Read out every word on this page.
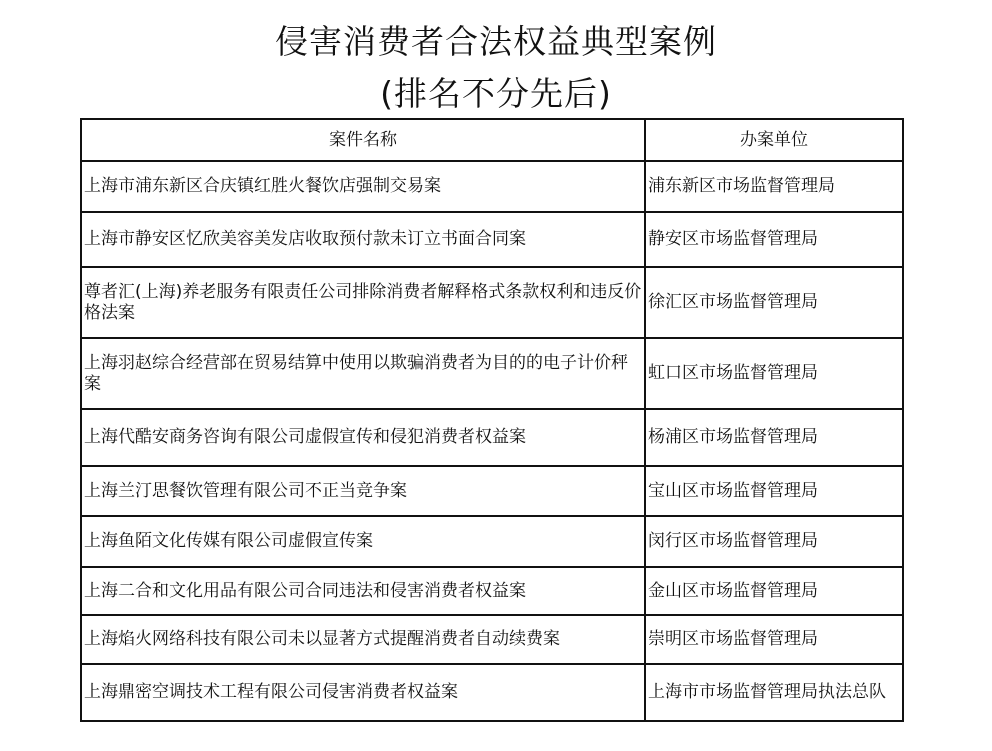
侵害消费者合法权益典型案例
(排名不分先后)
案件名称	办案单位
上海市浦东新区合庆镇红胜火餐饮店强制交易案	浦东新区市场监督管理局
上海市静安区忆欣美容美发店收取预付款未订立书面合同案	静安区市场监督管理局
尊者汇(上海)养老服务有限责任公司排除消费者解释格式条款权利和违反价格法案	徐汇区市场监督管理局
上海羽赵综合经营部在贸易结算中使用以欺骗消费者为目的的电子计价秤案	虹口区市场监督管理局
上海代酷安商务咨询有限公司虚假宣传和侵犯消费者权益案	杨浦区市场监督管理局
上海兰汀思餐饮管理有限公司不正当竞争案	宝山区市场监督管理局
上海鱼陌文化传媒有限公司虚假宣传案	闵行区市场监督管理局
上海二合和文化用品有限公司合同违法和侵害消费者权益案	金山区市场监督管理局
上海焰火网络科技有限公司未以显著方式提醒消费者自动续费案	崇明区市场监督管理局
上海鼎密空调技术工程有限公司侵害消费者权益案	上海市市场监督管理局执法总队
